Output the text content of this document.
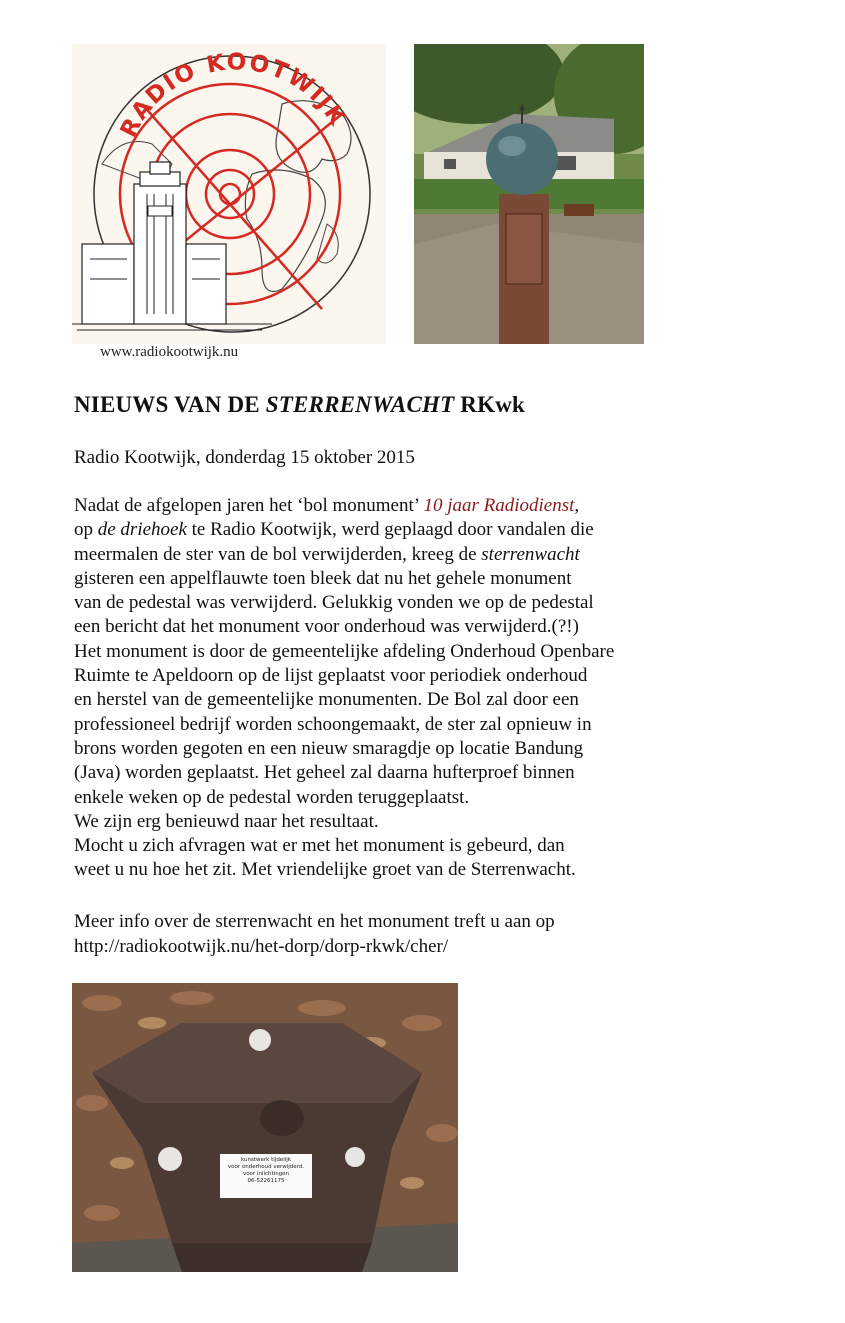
RADIO KOOTWIJK
www.radiokootwijk.nu
NIEUWS VAN DE STERRENWACHT RKwk
Radio Kootwijk, donderdag 15 oktober 2015
Nadat de afgelopen jaren het ‘bol monument’ 10 jaar Radiodienst,
op de driehoek te Radio Kootwijk, werd geplaagd door vandalen die
meermalen de ster van de bol verwijderden, kreeg de sterrenwacht
gisteren een appelflauwte toen bleek dat nu het gehele monument
van de pedestal was verwijderd. Gelukkig vonden we op de pedestal
een bericht dat het monument voor onderhoud was verwijderd.(?!)
Het monument is door de gemeentelijke afdeling Onderhoud Openbare
Ruimte te Apeldoorn op de lijst geplaatst voor periodiek onderhoud
en herstel van de gemeentelijke monumenten. De Bol zal door een
professioneel bedrijf worden schoongemaakt, de ster zal opnieuw in
brons worden gegoten en een nieuw smaragdje op locatie Bandung
(Java) worden geplaatst. Het geheel zal daarna hufterproef binnen
enkele weken op de pedestal worden teruggeplaatst.
We zijn erg benieuwd naar het resultaat.
Mocht u zich afvragen wat er met het monument is gebeurd, dan
weet u nu hoe het zit. Met vriendelijke groet van de Sterrenwacht.
Meer info over de sterrenwacht en het monument treft u aan op
http://radiokootwijk.nu/het-dorp/dorp-rkwk/cher/
kunstwerk tijdelijk
voor onderhoud verwijderd.
voor inlichtingen
06-52261175
